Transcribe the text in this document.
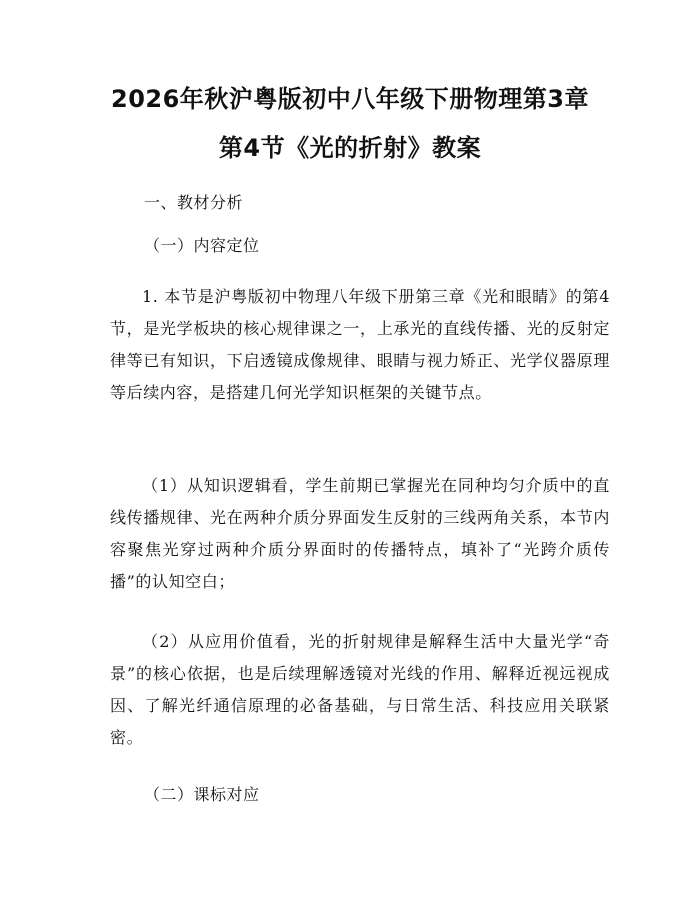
2026年秋沪粤版初中八年级下册物理第3章
第4节《光的折射》教案
一、教材分析
（一）内容定位
1. 本节是沪粤版初中物理八年级下册第三章《光和眼睛》的第4节，是光学板块的核心规律课之一，上承光的直线传播、光的反射定律等已有知识，下启透镜成像规律、眼睛与视力矫正、光学仪器原理等后续内容，是搭建几何光学知识框架的关键节点。
（1）从知识逻辑看，学生前期已掌握光在同种均匀介质中的直线传播规律、光在两种介质分界面发生反射的三线两角关系，本节内容聚焦光穿过两种介质分界面时的传播特点，填补了“光跨介质传播”的认知空白；
（2）从应用价值看，光的折射规律是解释生活中大量光学“奇景”的核心依据，也是后续理解透镜对光线的作用、解释近视远视成因、了解光纤通信原理的必备基础，与日常生活、科技应用关联紧密。
（二）课标对应
